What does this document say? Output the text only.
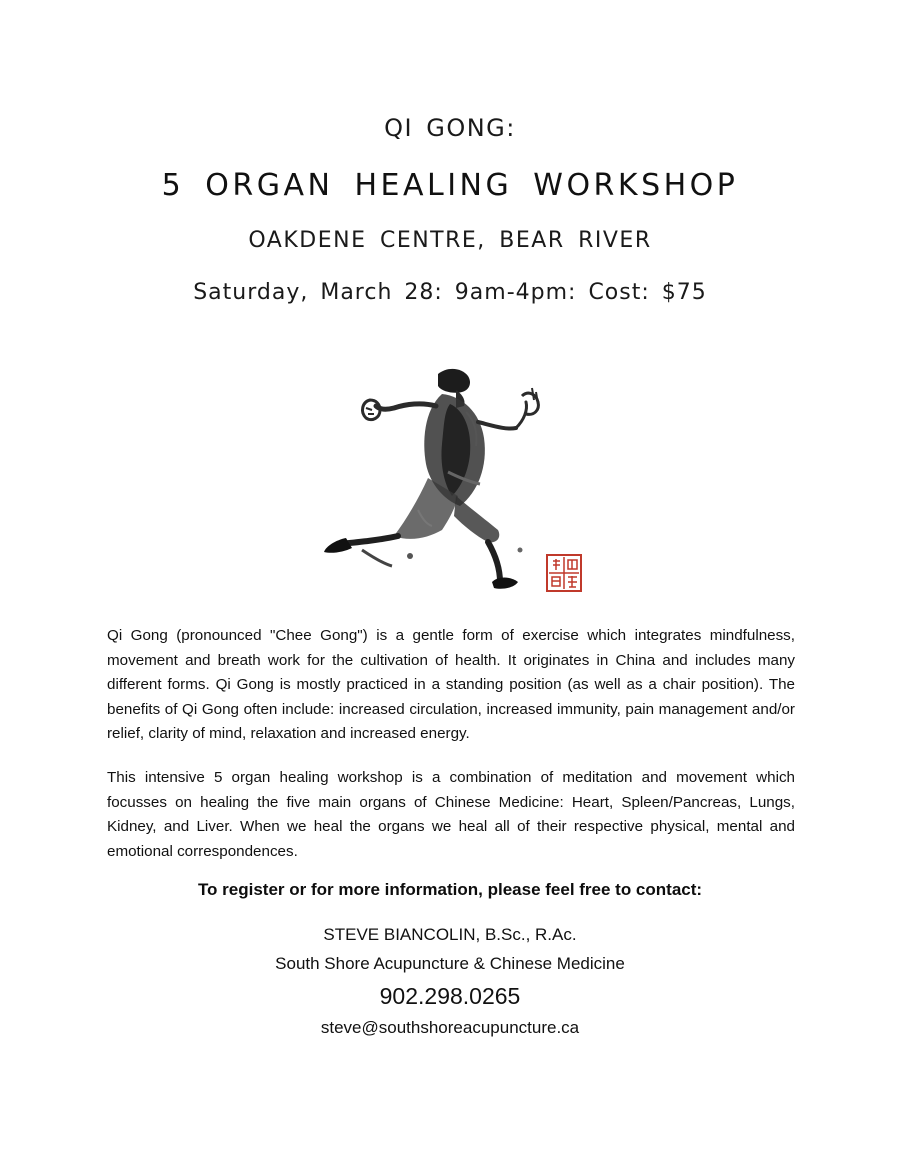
QI GONG:
5 ORGAN HEALING WORKSHOP
OAKDENE CENTRE, BEAR RIVER
Saturday, March 28: 9am-4pm: Cost: $75

Qi Gong (pronounced "Chee Gong") is a gentle form of exercise which integrates mindfulness, movement and breath work for the cultivation of health. It originates in China and includes many different forms. Qi Gong is mostly practiced in a standing position (as well as a chair position). The benefits of Qi Gong often include: increased circulation, increased immunity, pain management and/or relief, clarity of mind, relaxation and increased energy.

This intensive 5 organ healing workshop is a combination of meditation and movement which focusses on healing the five main organs of Chinese Medicine: Heart, Spleen/Pancreas, Lungs, Kidney, and Liver. When we heal the organs we heal all of their respective physical, mental and emotional correspondences.

To register or for more information, please feel free to contact:
STEVE BIANCOLIN, B.Sc., R.Ac.
South Shore Acupuncture & Chinese Medicine
902.298.0265
steve@southshoreacupuncture.ca
